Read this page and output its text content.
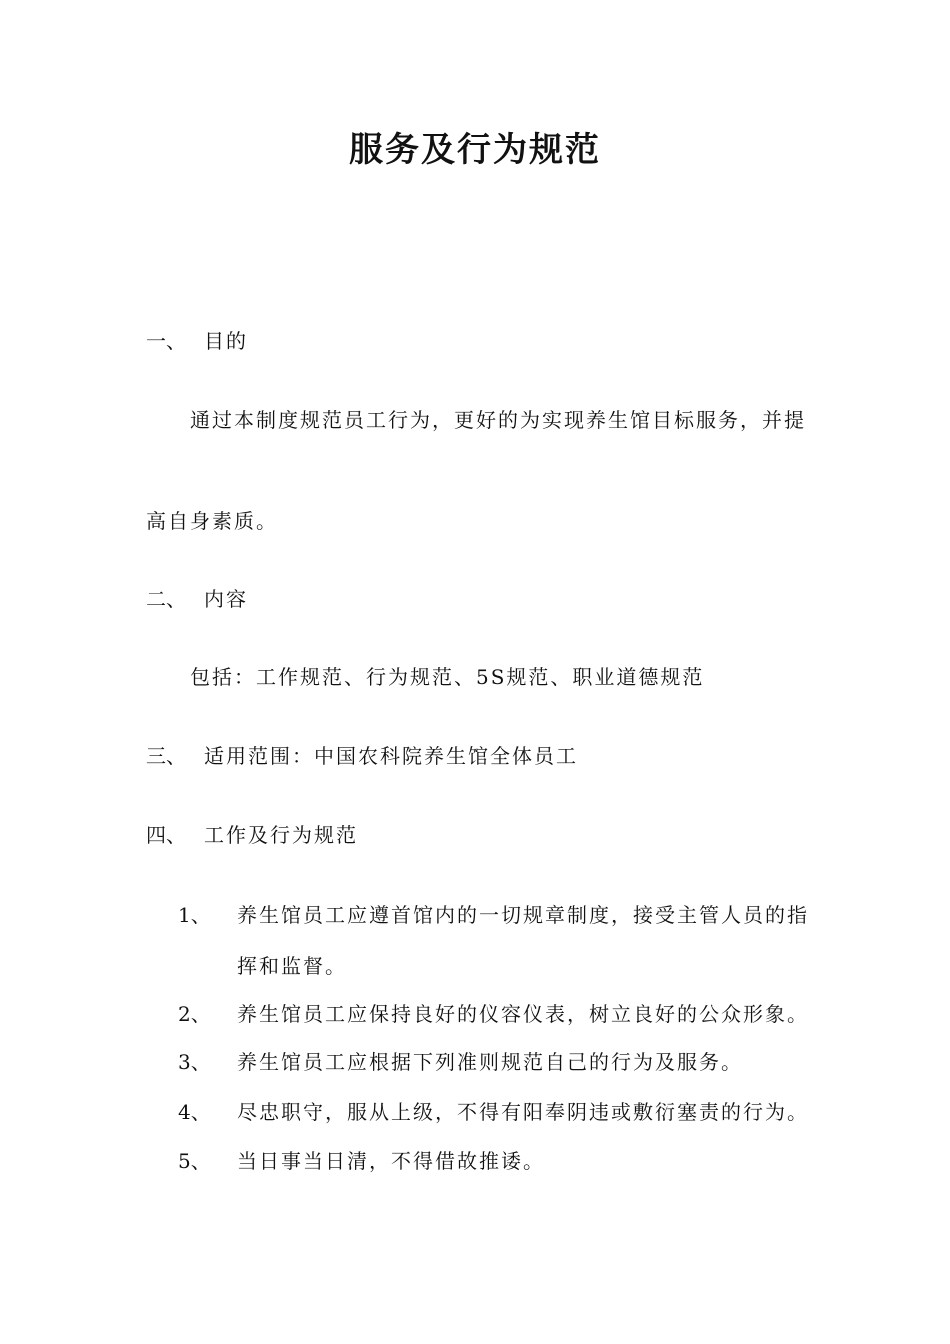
服务及行为规范
一、 目的
通过本制度规范员工行为，更好的为实现养生馆目标服务，并提
高自身素质。
二、 内容
包括：工作规范、行为规范、5S规范、职业道德规范
三、 适用范围：中国农科院养生馆全体员工
四、 工作及行为规范
1、 养生馆员工应遵首馆内的一切规章制度，接受主管人员的指
挥和监督。
2、 养生馆员工应保持良好的仪容仪表，树立良好的公众形象。
3、 养生馆员工应根据下列准则规范自己的行为及服务。
4、 尽忠职守，服从上级，不得有阳奉阴违或敷衍塞责的行为。
5、 当日事当日清，不得借故推诿。
